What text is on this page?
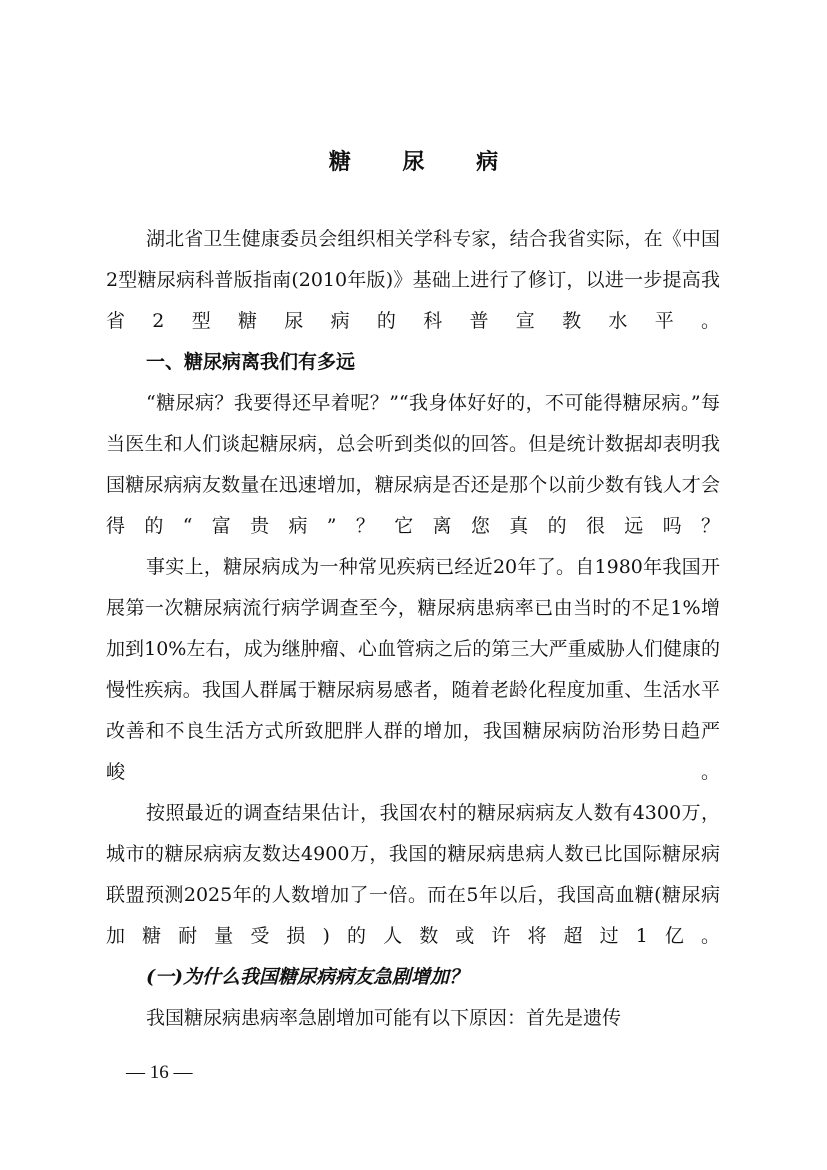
糖 尿 病

湖北省卫生健康委员会组织相关学科专家，结合我省实际，在《中国2型糖尿病科普版指南(2010年版)》基础上进行了修订，以进一步提高我省2型糖尿病的科普宣教水平。

一、糖尿病离我们有多远

“糖尿病？我要得还早着呢？”“我身体好好的，不可能得糖尿病。”每当医生和人们谈起糖尿病，总会听到类似的回答。但是统计数据却表明我国糖尿病病友数量在迅速增加，糖尿病是否还是那个以前少数有钱人才会得的“富贵病”？它离您真的很远吗？

事实上，糖尿病成为一种常见疾病已经近20年了。自1980年我国开展第一次糖尿病流行病学调查至今，糖尿病患病率已由当时的不足1%增加到10%左右，成为继肿瘤、心血管病之后的第三大严重威胁人们健康的慢性疾病。我国人群属于糖尿病易感者，随着老龄化程度加重、生活水平改善和不良生活方式所致肥胖人群的增加，我国糖尿病防治形势日趋严峻。

按照最近的调查结果估计，我国农村的糖尿病病友人数有4300万，城市的糖尿病病友数达4900万，我国的糖尿病患病人数已比国际糖尿病联盟预测2025年的人数增加了一倍。而在5年以后，我国高血糖(糖尿病加糖耐量受损)的人数或许将超过1亿。

(一)为什么我国糖尿病病友急剧增加？

我国糖尿病患病率急剧增加可能有以下原因：首先是遗传

— 16 —
